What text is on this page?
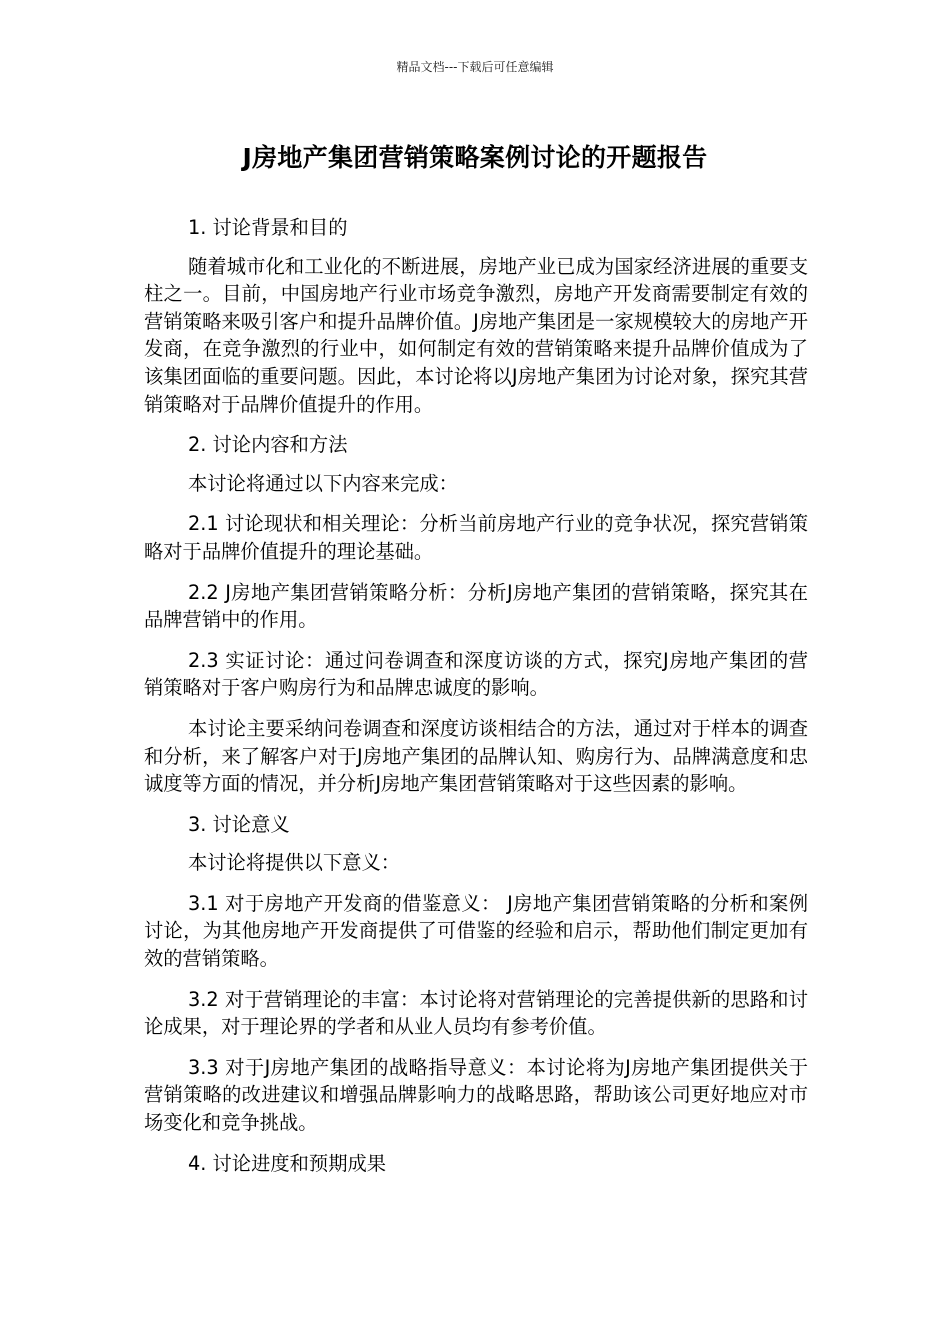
精品文档---下载后可任意编辑
J房地产集团营销策略案例讨论的开题报告

1. 讨论背景和目的

随着城市化和工业化的不断进展，房地产业已成为国家经济进展的重要支柱之一。目前，中国房地产行业市场竞争激烈，房地产开发商需要制定有效的营销策略来吸引客户和提升品牌价值。J房地产集团是一家规模较大的房地产开发商，在竞争激烈的行业中，如何制定有效的营销策略来提升品牌价值成为了该集团面临的重要问题。因此，本讨论将以J房地产集团为讨论对象，探究其营销策略对于品牌价值提升的作用。

2. 讨论内容和方法

本讨论将通过以下内容来完成：

2.1 讨论现状和相关理论：分析当前房地产行业的竞争状况，探究营销策略对于品牌价值提升的理论基础。

2.2 J房地产集团营销策略分析：分析J房地产集团的营销策略，探究其在品牌营销中的作用。

2.3 实证讨论：通过问卷调查和深度访谈的方式，探究J房地产集团的营销策略对于客户购房行为和品牌忠诚度的影响。

本讨论主要采纳问卷调查和深度访谈相结合的方法，通过对于样本的调查和分析，来了解客户对于J房地产集团的品牌认知、购房行为、品牌满意度和忠诚度等方面的情况，并分析J房地产集团营销策略对于这些因素的影响。

3. 讨论意义

本讨论将提供以下意义：

3.1 对于房地产开发商的借鉴意义： J房地产集团营销策略的分析和案例讨论，为其他房地产开发商提供了可借鉴的经验和启示，帮助他们制定更加有效的营销策略。

3.2 对于营销理论的丰富：本讨论将对营销理论的完善提供新的思路和讨论成果，对于理论界的学者和从业人员均有参考价值。

3.3 对于J房地产集团的战略指导意义：本讨论将为J房地产集团提供关于营销策略的改进建议和增强品牌影响力的战略思路，帮助该公司更好地应对市场变化和竞争挑战。

4. 讨论进度和预期成果
